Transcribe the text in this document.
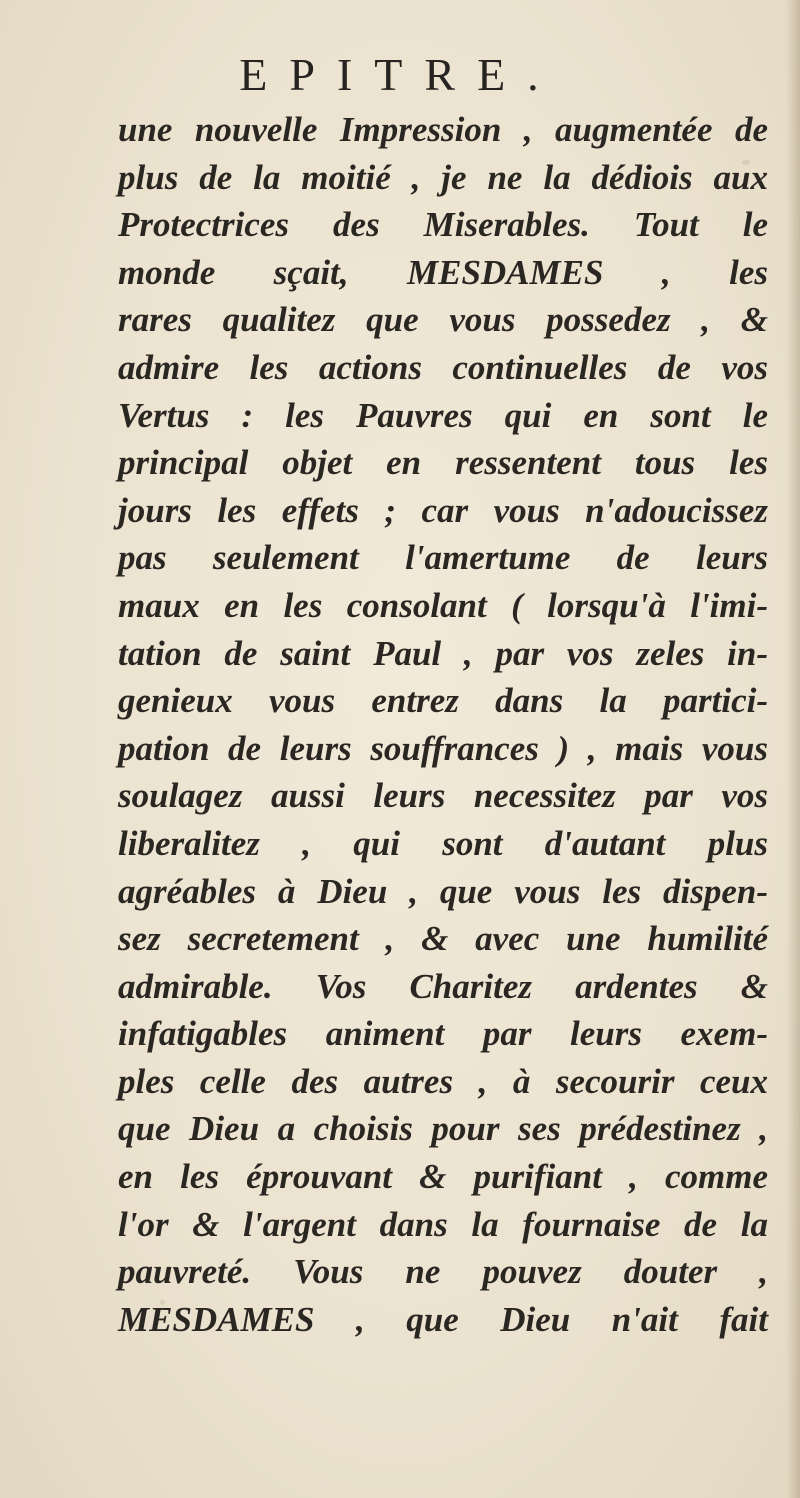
EPITRE.
une nouvelle Impression , augmentée de
plus de la moitié , je ne la dédiois aux
Protectrices des Miserables. Tout le
monde sçait, MESDAMES , les
rares qualitez que vous possedez , &
admire les actions continuelles de vos
Vertus : les Pauvres qui en sont le
principal objet en ressentent tous les
jours les effets ; car vous n'adoucissez
pas seulement l'amertume de leurs
maux en les consolant ( lorsqu'à l'imi-
tation de saint Paul , par vos zeles in-
genieux vous entrez dans la partici-
pation de leurs souffrances ) , mais vous
soulagez aussi leurs necessitez par vos
liberalitez , qui sont d'autant plus
agréables à Dieu , que vous les dispen-
sez secretement , & avec une humilité
admirable. Vos Charitez ardentes &
infatigables animent par leurs exem-
ples celle des autres , à secourir ceux
que Dieu a choisis pour ses prédestinez ,
en les éprouvant & purifiant , comme
l'or & l'argent dans la fournaise de la
pauvreté. Vous ne pouvez douter ,
MESDAMES , que Dieu n'ait fait
